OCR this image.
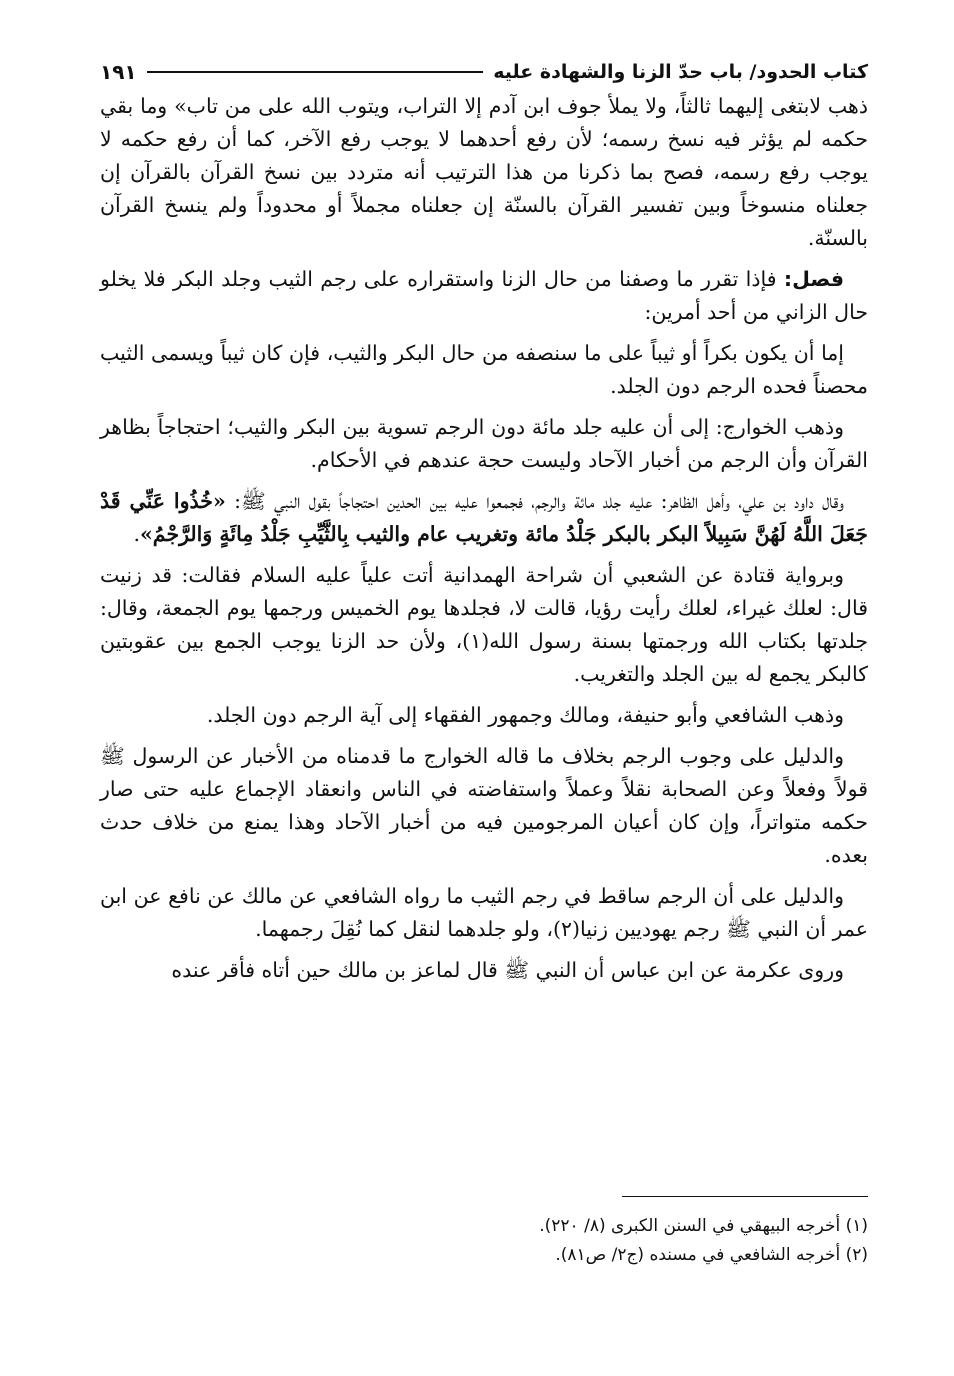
كتاب الحدود/ باب حدّ الزنا والشهادة عليه
١٩١

ذهب لابتغى إليهما ثالثاً، ولا يملأ جوف ابن آدم إلا التراب، ويتوب الله على من تاب» وما بقي حكمه لم يؤثر فيه نسخ رسمه؛ لأن رفع أحدهما لا يوجب رفع الآخر، كما أن رفع حكمه لا يوجب رفع رسمه، فصح بما ذكرنا من هذا الترتيب أنه متردد بين نسخ القرآن بالقرآن إن جعلناه منسوخاً وبين تفسير القرآن بالسنّة إن جعلناه مجملاً أو محدوداً ولم ينسخ القرآن بالسنّة.

فصل: فإذا تقرر ما وصفنا من حال الزنا واستقراره على رجم الثيب وجلد البكر فلا يخلو حال الزاني من أحد أمرين:

إما أن يكون بكراً أو ثيباً على ما سنصفه من حال البكر والثيب، فإن كان ثيباً ويسمى الثيب محصناً فحده الرجم دون الجلد.

وذهب الخوارج: إلى أن عليه جلد مائة دون الرجم تسوية بين البكر والثيب؛ احتجاجاً بظاهر القرآن وأن الرجم من أخبار الآحاد وليست حجة عندهم في الأحكام.

وقال داود بن علي، وأهل الظاهر: عليه جلد مائة والرجم، فجمعوا عليه بين الحدين احتجاجاً بقول النبي ﷺ: «خُذُوا عَنِّي قَدْ جَعَلَ اللَّهُ لَهُنَّ سَبِيلاً البكر بالبكر جَلْدُ مائة وتغريب عام والثيب بِالثَّيِّبِ جَلْدُ مِائَةٍ وَالرَّجْمُ».

وبرواية قتادة عن الشعبي أن شراحة الهمدانية أتت علياً عليه السلام فقالت: قد زنيت قال: لعلك غيراء، لعلك رأيت رؤيا، قالت لا، فجلدها يوم الخميس ورجمها يوم الجمعة، وقال: جلدتها بكتاب الله ورجمتها بسنة رسول الله(١)، ولأن حد الزنا يوجب الجمع بين عقوبتين كالبكر يجمع له بين الجلد والتغريب.

وذهب الشافعي وأبو حنيفة، ومالك وجمهور الفقهاء إلى آية الرجم دون الجلد.

والدليل على وجوب الرجم بخلاف ما قاله الخوارج ما قدمناه من الأخبار عن الرسول ﷺ قولاً وفعلاً وعن الصحابة نقلاً وعملاً واستفاضته في الناس وانعقاد الإجماع عليه حتى صار حكمه متواتراً، وإن كان أعيان المرجومين فيه من أخبار الآحاد وهذا يمنع من خلاف حدث بعده.

والدليل على أن الرجم ساقط في رجم الثيب ما رواه الشافعي عن مالك عن نافع عن ابن عمر أن النبي ﷺ رجم يهوديين زنيا(٢)، ولو جلدهما لنقل كما نُقِلَ رجمهما.

وروى عكرمة عن ابن عباس أن النبي ﷺ قال لماعز بن مالك حين أتاه فأقر عنده

(١) أخرجه البيهقي في السنن الكبرى (٨/ ٢٢٠).
(٢) أخرجه الشافعي في مسنده (ج٢/ ص٨١).
